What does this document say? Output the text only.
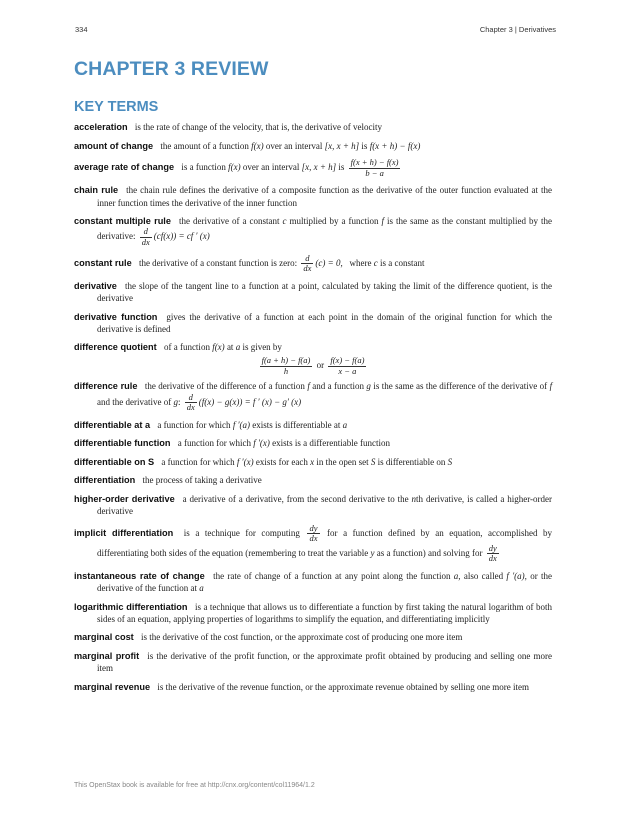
334	Chapter 3 | Derivatives
CHAPTER 3 REVIEW
KEY TERMS
acceleration is the rate of change of the velocity, that is, the derivative of velocity
amount of change the amount of a function f(x) over an interval [x, x + h] is f(x + h) − f(x)
average rate of change is a function f(x) over an interval [x, x + h] is $\frac{f(x + h) - f(x)}{b - a}$
chain rule the chain rule defines the derivative of a composite function as the derivative of the outer function evaluated at the inner function times the derivative of the inner function
constant multiple rule the derivative of a constant c multiplied by a function f is the same as the constant multiplied by the derivative: $\frac{d}{dx} (cf(x))$ = cf ′ (x)
constant rule the derivative of a constant function is zero: $\frac{d}{dx} (c) = 0$, where c is a constant
derivative the slope of the tangent line to a function at a point, calculated by taking the limit of the difference quotient, is the derivative
derivative function gives the derivative of a function at each point in the domain of the original function for which the derivative is defined
difference quotient of a function f(x) at a is given by
$\frac{f(a + h) - f(a)}{h}$ or $\frac{f(x) - f(a)}{x - a}$
difference rule the derivative of the difference of a function f and a function g is the same as the difference of the derivative of f and the derivative of g: $\frac{d}{dx} (f(x) - g(x)) = f$ ′ (x) − g′ (x)
differentiable at a a function for which f ′(a) exists is differentiable at a
differentiable function a function for which f ′(x) exists is a differentiable function
differentiable on S a function for which f ′(x) exists for each x in the open set S is differentiable on S
differentiation the process of taking a derivative
higher-order derivative a derivative of a derivative, from the second derivative to the nth derivative, is called a higher-order derivative
implicit differentiation is a technique for computing $\frac{dy}{dx}$ for a function defined by an equation, accomplished by differentiating both sides of the equation (remembering to treat the variable y as a function) and solving for $\frac{dy}{dx}$
instantaneous rate of change the rate of change of a function at any point along the function a, also called f ′(a), or the derivative of the function at a
logarithmic differentiation is a technique that allows us to differentiate a function by first taking the natural logarithm of both sides of an equation, applying properties of logarithms to simplify the equation, and differentiating implicitly
marginal cost is the derivative of the cost function, or the approximate cost of producing one more item
marginal profit is the derivative of the profit function, or the approximate profit obtained by producing and selling one more item
marginal revenue is the derivative of the revenue function, or the approximate revenue obtained by selling one more item
This OpenStax book is available for free at http://cnx.org/content/col11964/1.2
